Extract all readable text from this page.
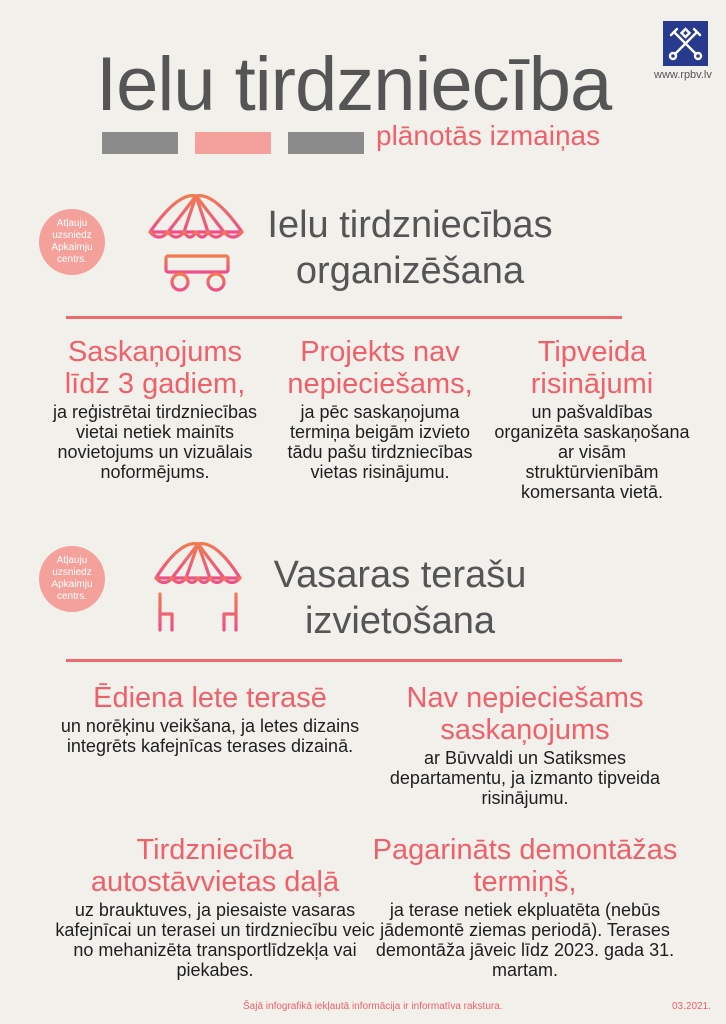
Ielu tirdzniecība
plānotās izmaiņas
www.rpbv.lv
Atļauju uzsniedz Apkaimju centrs.
Ielu tirdzniecības
organizēšana
Saskaņojums līdz 3 gadiem,
ja reģistrētai tirdzniecības vietai netiek mainīts novietojums un vizuālais noformējums.
Projekts nav nepieciešams,
ja pēc saskaņojuma termiņa beigām izvieto tādu pašu tirdzniecības vietas risinājumu.
Tipveida risinājumi
un pašvaldības organizēta saskaņošana ar visām struktūrvienībām komersanta vietā.
Atļauju uzsniedz Apkaimju centrs.
Vasaras terašu
izvietošana
Ēdiena lete terasē
un norēķinu veikšana, ja letes dizains integrēts kafejnīcas terases dizainā.
Nav nepieciešams saskaņojums
ar Būvvaldi un Satiksmes departamentu, ja izmanto tipveida risinājumu.
Tirdzniecība autostāvvietas daļā
uz brauktuves, ja piesaiste vasaras kafejnīcai un terasei un tirdzniecību veic no mehanizēta transportlīdzekļa vai piekabes.
Pagarināts demontāžas termiņš,
ja terase netiek ekpluatēta (nebūs jādemontē ziemas periodā). Terases demontāža jāveic līdz 2023. gada 31. martam.
Šajā infografikā iekļautā informācija ir informatīva rakstura.	03.2021.
